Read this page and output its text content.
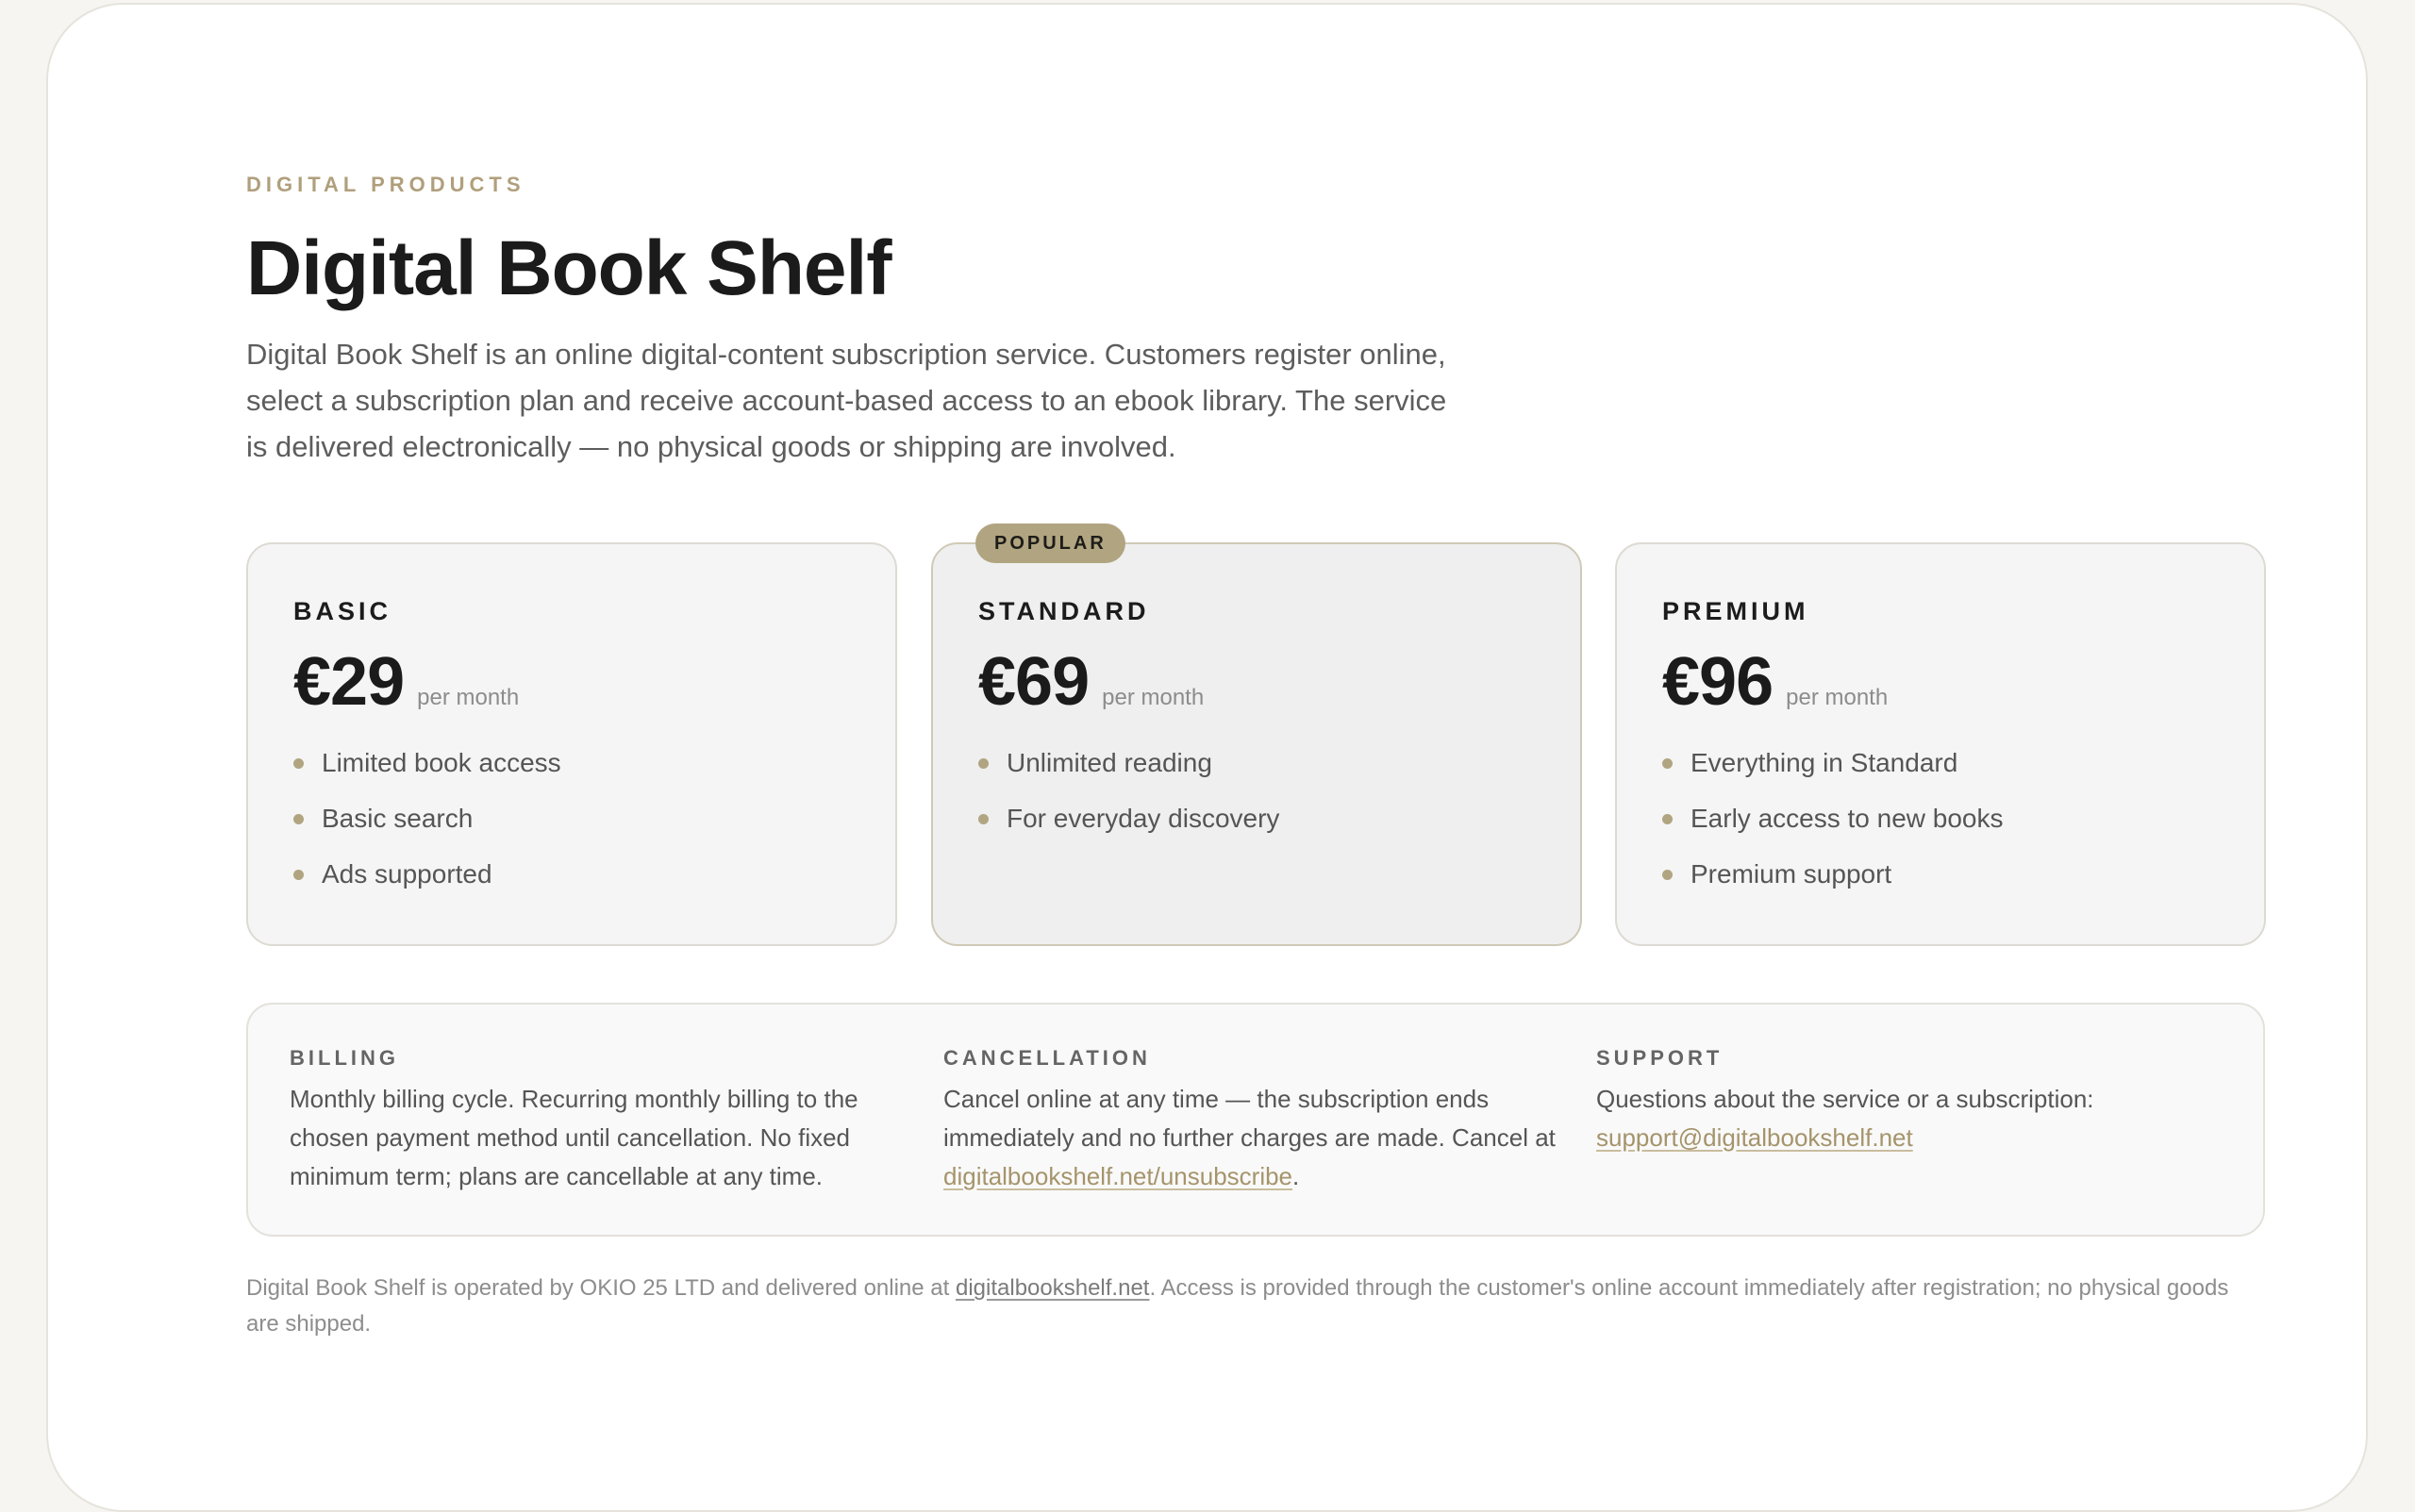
DIGITAL PRODUCTS
Digital Book Shelf

Digital Book Shelf is an online digital-content subscription service. Customers register online, select a subscription plan and receive account-based access to an ebook library. The service is delivered electronically — no physical goods or shipping are involved.

BASIC
€29 per month
Limited book access
Basic search
Ads supported
POPULAR
STANDARD
€69 per month
Unlimited reading
For everyday discovery
PREMIUM
€96 per month
Everything in Standard
Early access to new books
Premium support
BILLING

Monthly billing cycle. Recurring monthly billing to the chosen payment method until cancellation. No fixed minimum term; plans are cancellable at any time.

CANCELLATION

Cancel online at any time — the subscription ends immediately and no further charges are made. Cancel at digitalbookshelf.net/unsubscribe.

SUPPORT

Questions about the service or a subscription:
support@digitalbookshelf.net

Digital Book Shelf is operated by OKIO 25 LTD and delivered online at digitalbookshelf.net. Access is provided through the customer's online account immediately after registration; no physical goods are shipped.
